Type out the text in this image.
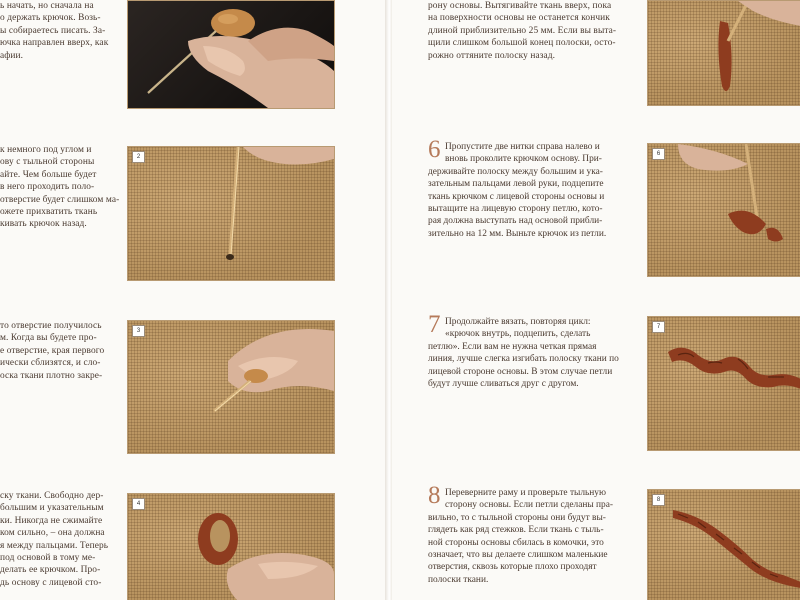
ь начать, но сначала на

о держать крючок. Возь-

ы собираетесь писать. За-

ючка направлен вверх, как

афии.

к немного под углом и

ову с тыльной стороны

айте. Чем больше будет

в него проходить поло-

отверстие будет слишком ма-

ожете прихватить ткань

кивать крючок назад.

2

то отверстие получилось

м. Когда вы будете про-

е отверстие, края первого

ически сблизятся, и сло-

оска ткани плотно закре-

3

ску ткани. Свободно дер-

большим и указательным

ки. Никогда не сжимайте

ком сильно, – она должна

я между пальцами. Теперь

под основой в тому ме-

делать ее крючком. Про-

дь основу с лицевой сто-

4

рону основы. Вытягивайте ткань вверх, пока

на поверхности основы не останется кончик

длиной приблизительно 25 мм. Если вы выта-

щили слишком большой конец полоски, осто-

рожно оттяните полоску назад.

6 Пропустите две нитки справа налево и

вновь проколите крючком основу. При-

держивайте полоску между большим и ука-

зательным пальцами левой руки, подцепите

ткань крючком с лицевой стороны основы и

вытащите на лицевую сторону петлю, кото-

рая должна выступать над основой прибли-

зительно на 12 мм. Выньте крючок из петли.

6
7 Продолжайте вязать, повторяя цикл:

«крючок внутрь, подцепить, сделать

петлю». Если вам не нужна четкая прямая

линия, лучше слегка изгибать полоску ткани по

лицевой стороне основы. В этом случае петли

будут лучше сливаться друг с другом.

7
8 Переверните раму и проверьте тыльную

сторону основы. Если петли сделаны пра-

вильно, то с тыльной стороны они будут вы-

глядеть как ряд стежков. Если ткань с тыль-

ной стороны основы сбилась в комочки, это

означает, что вы делаете слишком маленькие

отверстия, сквозь которые плохо проходят

полоски ткани.

8
